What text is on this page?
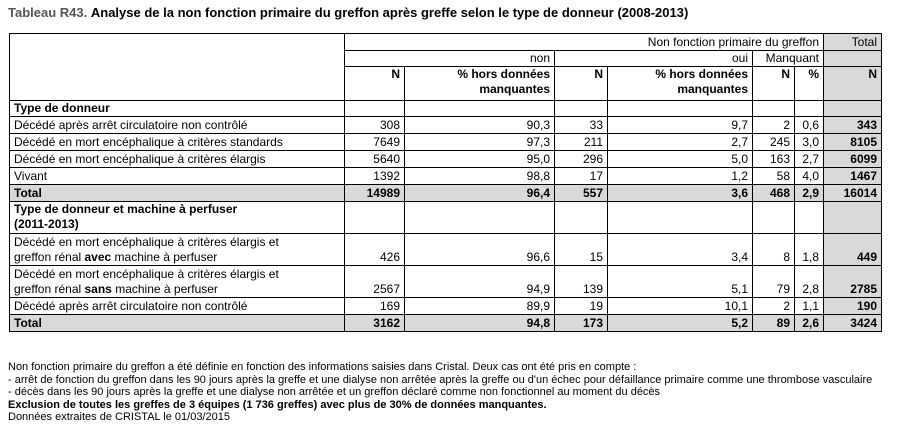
Tableau R43. Analyse de la non fonction primaire du greffon après greffe selon le type de donneur (2008-2013)
	Non fonction primaire du greffon						Total
	non		oui		Manquant		
	N	% hors données manquantes	N	% hors données manquantes	N	%	N
Type de donneur							
Décédé après arrêt circulatoire non contrôlé	308	90,3	33	9,7	2	0,6	343
Décédé en mort encéphalique à critères standards	7649	97,3	211	2,7	245	3,0	8105
Décédé en mort encéphalique à critères élargis	5640	95,0	296	5,0	163	2,7	6099
Vivant	1392	98,8	17	1,2	58	4,0	1467
Total	14989	96,4	557	3,6	468	2,9	16014

Type de donneur et machine à perfuser
(2011-2013)							

Décédé en mort encéphalique à critères élargis et
greffon rénal avec machine à perfuser	426	96,6	15	3,4	8	1,8	449

Décédé en mort encéphalique à critères élargis et
greffon rénal sans machine à perfuser	2567	94,9	139	5,1	79	2,8	2785
Décédé après arrêt circulatoire non contrôlé	169	89,9	19	10,1	2	1,1	190
Total	3162	94,8	173	5,2	89	2,6	3424
Non fonction primaire du greffon a été définie en fonction des informations saisies dans Cristal. Deux cas ont été pris en compte :
- arrêt de fonction du greffon dans les 90 jours après la greffe et une dialyse non arrêtée après la greffe ou d'un échec pour défaillance primaire comme une thrombose vasculaire
- décès dans les 90 jours après la greffe et une dialyse non arrêtée et un greffon déclaré comme non fonctionnel au moment du décès
Exclusion de toutes les greffes de 3 équipes (1 736 greffes) avec plus de 30% de données manquantes.
Données extraites de CRISTAL le 01/03/2015
